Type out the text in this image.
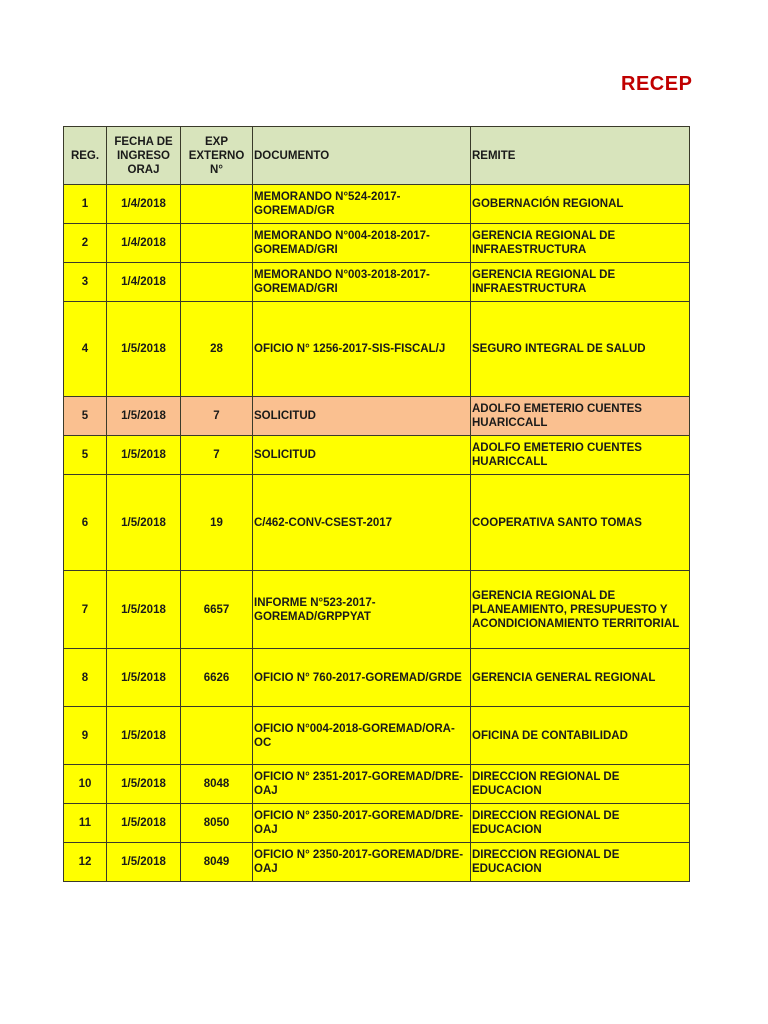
RECEP
REG.	FECHA DE INGRESO ORAJ	EXP EXTERNO N°	DOCUMENTO	REMITE
1	1/4/2018		MEMORANDO N°524-2017-GOREMAD/GR	GOBERNACIÓN REGIONAL
2	1/4/2018		MEMORANDO N°004-2018-2017-GOREMAD/GRI	GERENCIA REGIONAL DE INFRAESTRUCTURA
3	1/4/2018		MEMORANDO N°003-2018-2017-GOREMAD/GRI	GERENCIA REGIONAL DE INFRAESTRUCTURA
4	1/5/2018	28	OFICIO N° 1256-2017-SIS-FISCAL/J	SEGURO INTEGRAL DE SALUD
5	1/5/2018	7	SOLICITUD	ADOLFO EMETERIO CUENTES HUARICCALL
5	1/5/2018	7	SOLICITUD	ADOLFO EMETERIO CUENTES HUARICCALL
6	1/5/2018	19	C/462-CONV-CSEST-2017	COOPERATIVA SANTO TOMAS
7	1/5/2018	6657	INFORME N°523-2017-GOREMAD/GRPPYAT	GERENCIA REGIONAL DE PLANEAMIENTO, PRESUPUESTO Y ACONDICIONAMIENTO TERRITORIAL
8	1/5/2018	6626	OFICIO N° 760-2017-GOREMAD/GRDE	GERENCIA GENERAL REGIONAL
9	1/5/2018		OFICIO N°004-2018-GOREMAD/ORA-OC	OFICINA DE CONTABILIDAD
10	1/5/2018	8048	OFICIO N° 2351-2017-GOREMAD/DRE-OAJ	DIRECCION REGIONAL DE EDUCACION
11	1/5/2018	8050	OFICIO N° 2350-2017-GOREMAD/DRE-OAJ	DIRECCION REGIONAL DE EDUCACION
12	1/5/2018	8049	OFICIO N° 2350-2017-GOREMAD/DRE-OAJ	DIRECCION REGIONAL DE EDUCACION
